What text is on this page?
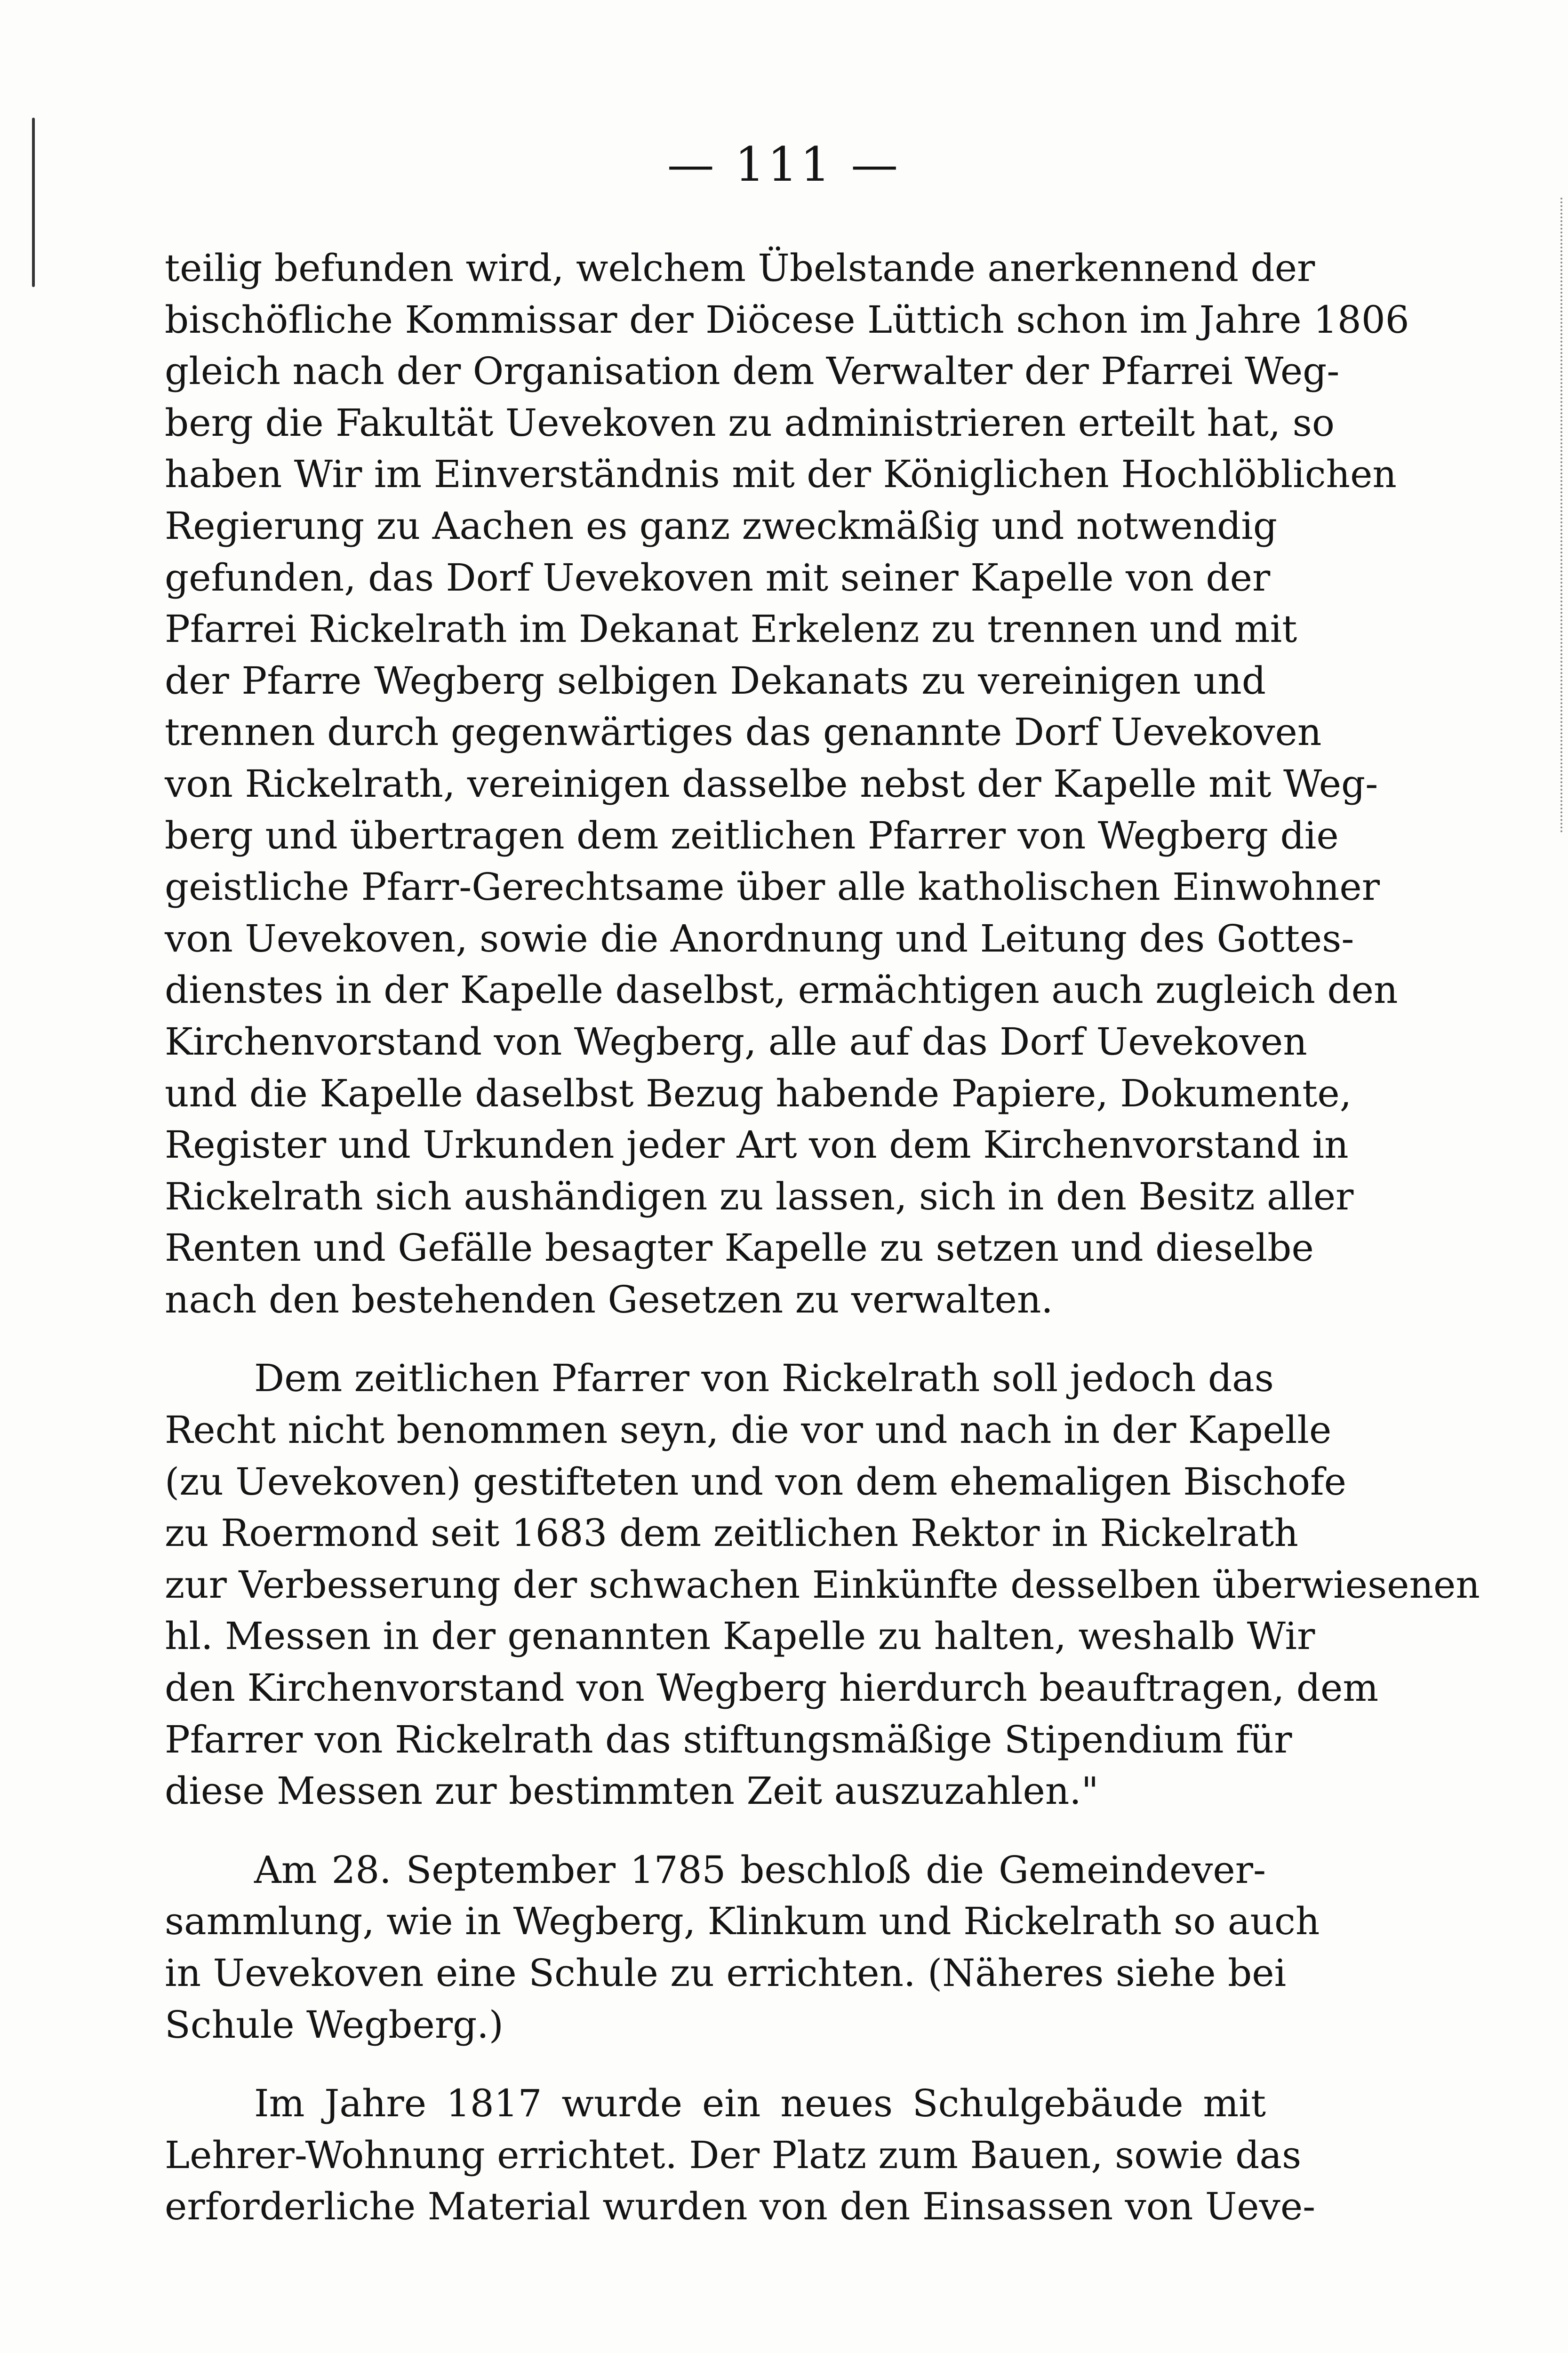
— 111 —
teilig befunden wird, welchem Übelstande anerkennend der
bischöfliche Kommissar der Diöcese Lüttich schon im Jahre 1806
gleich nach der Organisation dem Verwalter der Pfarrei Weg-
berg die Fakultät Uevekoven zu administrieren erteilt hat, so
haben Wir im Einverständnis mit der Königlichen Hochlöblichen
Regierung zu Aachen es ganz zweckmäßig und notwendig
gefunden, das Dorf Uevekoven mit seiner Kapelle von der
Pfarrei Rickelrath im Dekanat Erkelenz zu trennen und mit
der Pfarre Wegberg selbigen Dekanats zu vereinigen und
trennen durch gegenwärtiges das genannte Dorf Uevekoven
von Rickelrath, vereinigen dasselbe nebst der Kapelle mit Weg-
berg und übertragen dem zeitlichen Pfarrer von Wegberg die
geistliche Pfarr-Gerechtsame über alle katholischen Einwohner
von Uevekoven, sowie die Anordnung und Leitung des Gottes-
dienstes in der Kapelle daselbst, ermächtigen auch zugleich den
Kirchenvorstand von Wegberg, alle auf das Dorf Uevekoven
und die Kapelle daselbst Bezug habende Papiere, Dokumente,
Register und Urkunden jeder Art von dem Kirchenvorstand in
Rickelrath sich aushändigen zu lassen, sich in den Besitz aller
Renten und Gefälle besagter Kapelle zu setzen und dieselbe
nach den bestehenden Gesetzen zu verwalten.
Dem zeitlichen Pfarrer von Rickelrath soll jedoch das
Recht nicht benommen seyn, die vor und nach in der Kapelle
(zu Uevekoven) gestifteten und von dem ehemaligen Bischofe
zu Roermond seit 1683 dem zeitlichen Rektor in Rickelrath
zur Verbesserung der schwachen Einkünfte desselben überwiesenen
hl. Messen in der genannten Kapelle zu halten, weshalb Wir
den Kirchenvorstand von Wegberg hierdurch beauftragen, dem
Pfarrer von Rickelrath das stiftungsmäßige Stipendium für
diese Messen zur bestimmten Zeit auszuzahlen."
Am 28. September 1785 beschloß die Gemeindever-
sammlung, wie in Wegberg, Klinkum und Rickelrath so auch
in Uevekoven eine Schule zu errichten. (Näheres siehe bei
Schule Wegberg.)
Im Jahre 1817 wurde ein neues Schulgebäude mit
Lehrer-Wohnung errichtet. Der Platz zum Bauen, sowie das
erforderliche Material wurden von den Einsassen von Ueve-
